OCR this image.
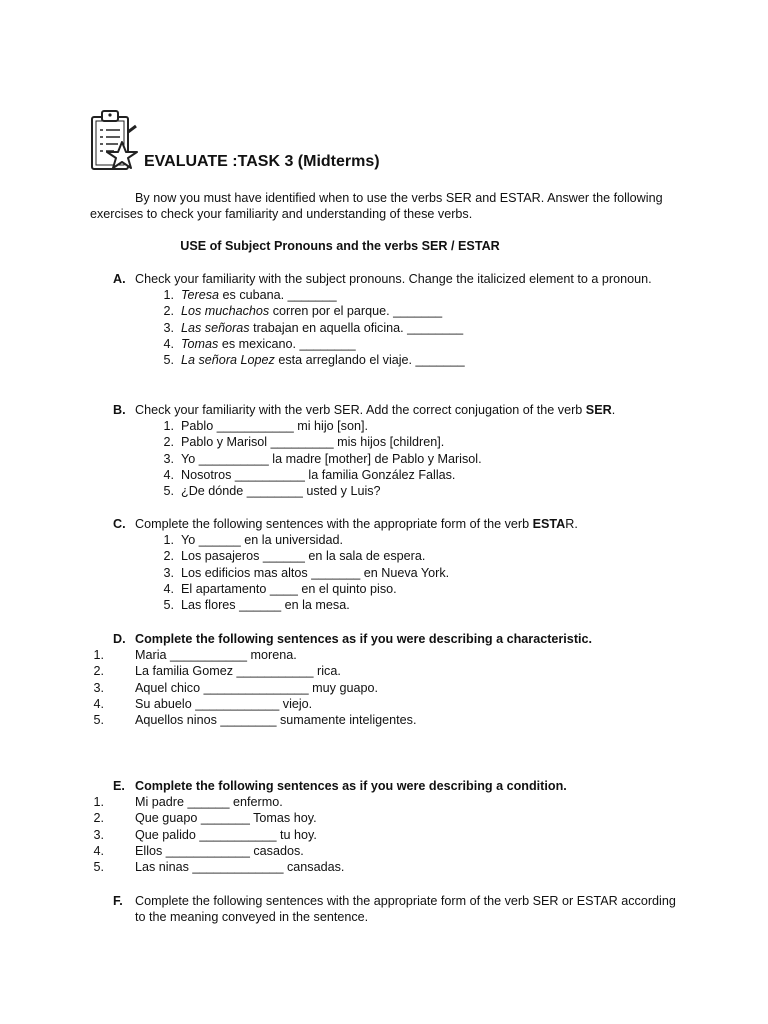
EVALUATE :TASK 3 (Midterms)

By now you must have identified when to use the verbs SER and ESTAR. Answer the following exercises to check your familiarity and understanding of these verbs.

USE of Subject Pronouns and the verbs SER / ESTAR
A. Check your familiarity with the subject pronouns. Change the italicized element to a pronoun.
1. Teresa es cubana. _______
2. Los muchachos corren por el parque. _______
3. Las señoras trabajan en aquella oficina. ________
4. Tomas es mexicano. ________
5. La señora Lopez esta arreglando el viaje. _______
B. Check your familiarity with the verb SER. Add the correct conjugation of the verb SER.
1. Pablo ___________ mi hijo [son].
2. Pablo y Marisol _________ mis hijos [children].
3. Yo __________ la madre [mother] de Pablo y Marisol.
4. Nosotros __________ la familia González Fallas.
5. ¿De dónde ________ usted y Luis?
C. Complete the following sentences with the appropriate form of the verb ESTAR.
1. Yo ______ en la universidad.
2. Los pasajeros ______ en la sala de espera.
3. Los edificios mas altos _______ en Nueva York.
4. El apartamento ____ en el quinto piso.
5. Las flores ______ en la mesa.
D. Complete the following sentences as if you were describing a characteristic.
1. Maria ___________ morena.
2. La familia Gomez ___________ rica.
3. Aquel chico _______________ muy guapo.
4. Su abuelo ____________ viejo.
5. Aquellos ninos ________ sumamente inteligentes.
E. Complete the following sentences as if you were describing a condition.
1. Mi padre ______ enfermo.
2. Que guapo _______ Tomas hoy.
3. Que palido ___________ tu hoy.
4. Ellos ____________ casados.
5. Las ninas _____________ cansadas.
F. Complete the following sentences with the appropriate form of the verb SER or ESTAR according to the meaning conveyed in the sentence.
